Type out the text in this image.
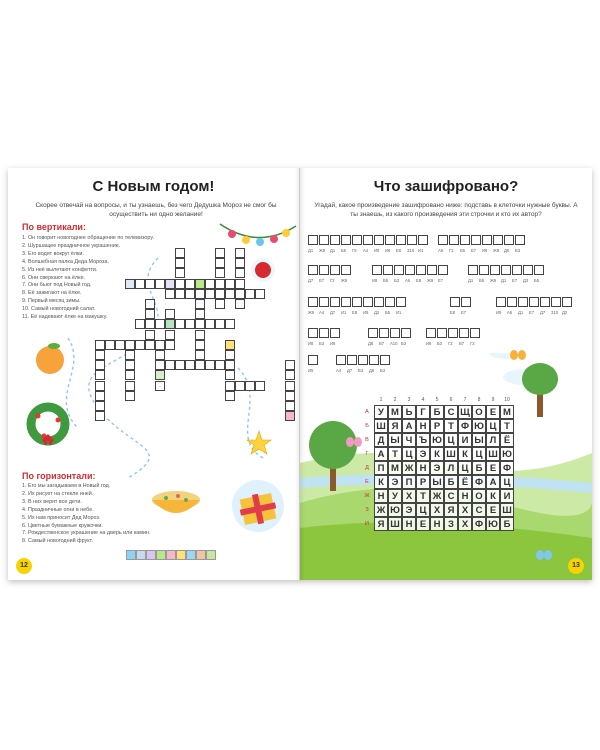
С Новым годом!
Скорее отвечай на вопросы, и ты узнаешь, без чего Дедушка Мороз не смог бы осуществить ни одно желание!
По вертикали:
1. Он говорит новогоднее обращение по телевизору.
2. Шуршащее праздничное украшение.
3. Его водят вокруг ёлки.
4. Волшебная палка Деда Мороза.
5. Из неё вылетают конфетти.
6. Они сверкают на ёлке.
7. Они бьют под Новый год.
8. Её зажигают на ёлке.
9. Первый месяц зимы.
10. Самый новогодний салат.
11. Её надевают ёлке на макушку.
По горизонтали:
1. Его мы загадываем в Новый год.
2. Их рисует на стекле иней.
3. В них верят все дети.
4. Праздничные огни в небе.
5. Их нам приносит Дед Мороз.
6. Цветные бумажные кружочки.
7. Рождественское украшение на дверь или камин.
8. Самый новогодний фрукт.
12
Что зашифровано?
Угадай, какое произведение зашифровано ниже: подставь в клеточки нужные буквы. А ты знаешь, из какого произведения эти строчки и кто их автор?
Д1	Ж9	Д1	Б5	Г8	А4	И9	И8	Е8	З10 И1	А6	Г2	Б5	Е7	И8	Ж9	Д6	Б3
Д7	Е7	Г2	Ж9	И8	Б5	Б3	А6	Е8	Ж9	Е7	Д1	Б5	Ж9	Д1	Е7	Д3	Б5
Ж9	А4	Д7	И1	Е8	И9	Д2	Б5	И1	Е8	Е7	И9	А6	Д1	Е7	Д7	З10 Д2
И8	Б3	И8	Д6	В7	А10 Б3	И8	Б3	Г2	В7	Г2
И5	А4	Д7	Б3	Д6	Б3
1	2	3	4	5	6	7	8	9	10
А
Б
В
Г
Д
Е
Ж
З
И
У М Ь Г Б С Щ О Е М
Ш Я А Н Р Т Ф Ю Ц Т
Д Ы Ч Ъ Ю Ц И Ы Л Ё
А Т Ц Э К Ш К Ц Ш Ю
П М Ж Н Э Л Ц Б Е Ф
К Э П Р Ы Б Ё Ф А Ц
Н У Х Т Ж С Н О К И
Ж Ю Э Ц Х Я Х С Е Ш
Я Ш Н Е Н З Х Ф Ю Б
13
